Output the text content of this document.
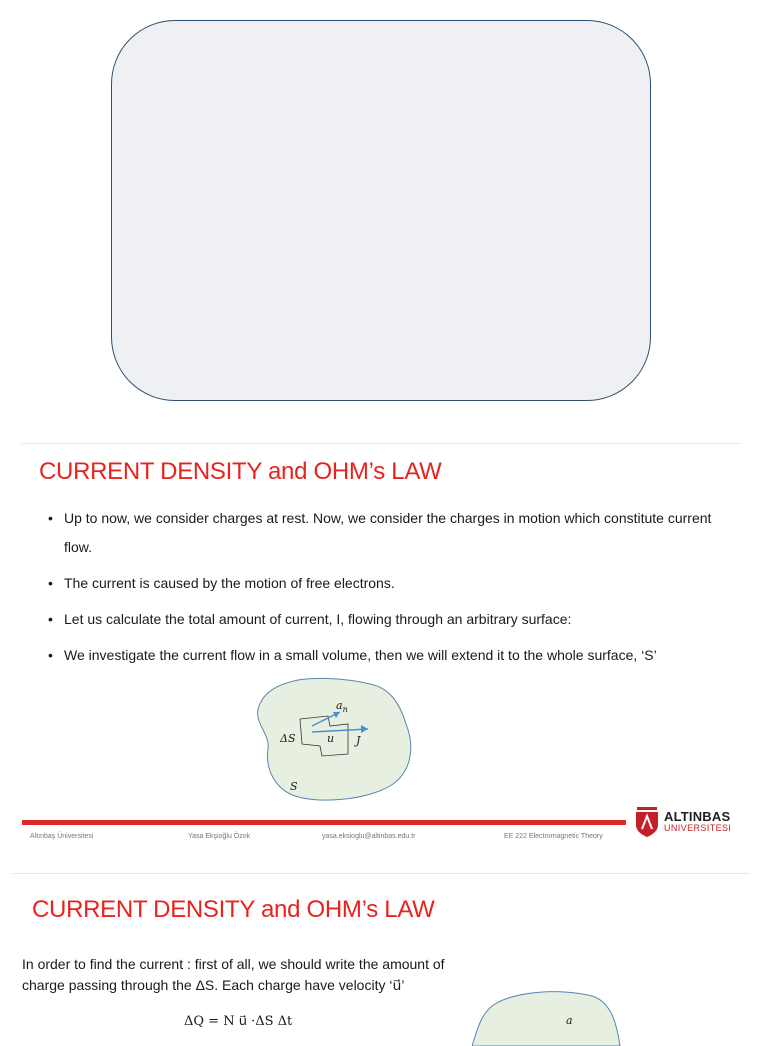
CURRENT DENSITY and OHM’s LAW
• Up to now, we consider charges at rest. Now, we consider the charges in motion which constitute current flow.
• The current is caused by the motion of free electrons.
• Let us calculate the total amount of current, I, flowing through an arbitrary surface:
• We investigate the current flow in a small volume, then we will extend it to the whole surface, ‘S’
$a_n$
u J
ΔS
S
Altınbaş Üniversitesi	Yasa Ekşioğlu Özok	yasa.eksioglu@altinbas.edu.tr	EE 222 Electromagnetic Theory
ALTINBAS
UNIVERSITESI
CURRENT DENSITY and OHM’s LAW
In order to find the current : first of all, we should write the amount of
charge passing through the ΔS. Each charge have velocity ‘u⃗’
ΔQ = N u⃗ ·ΔS Δt	a
